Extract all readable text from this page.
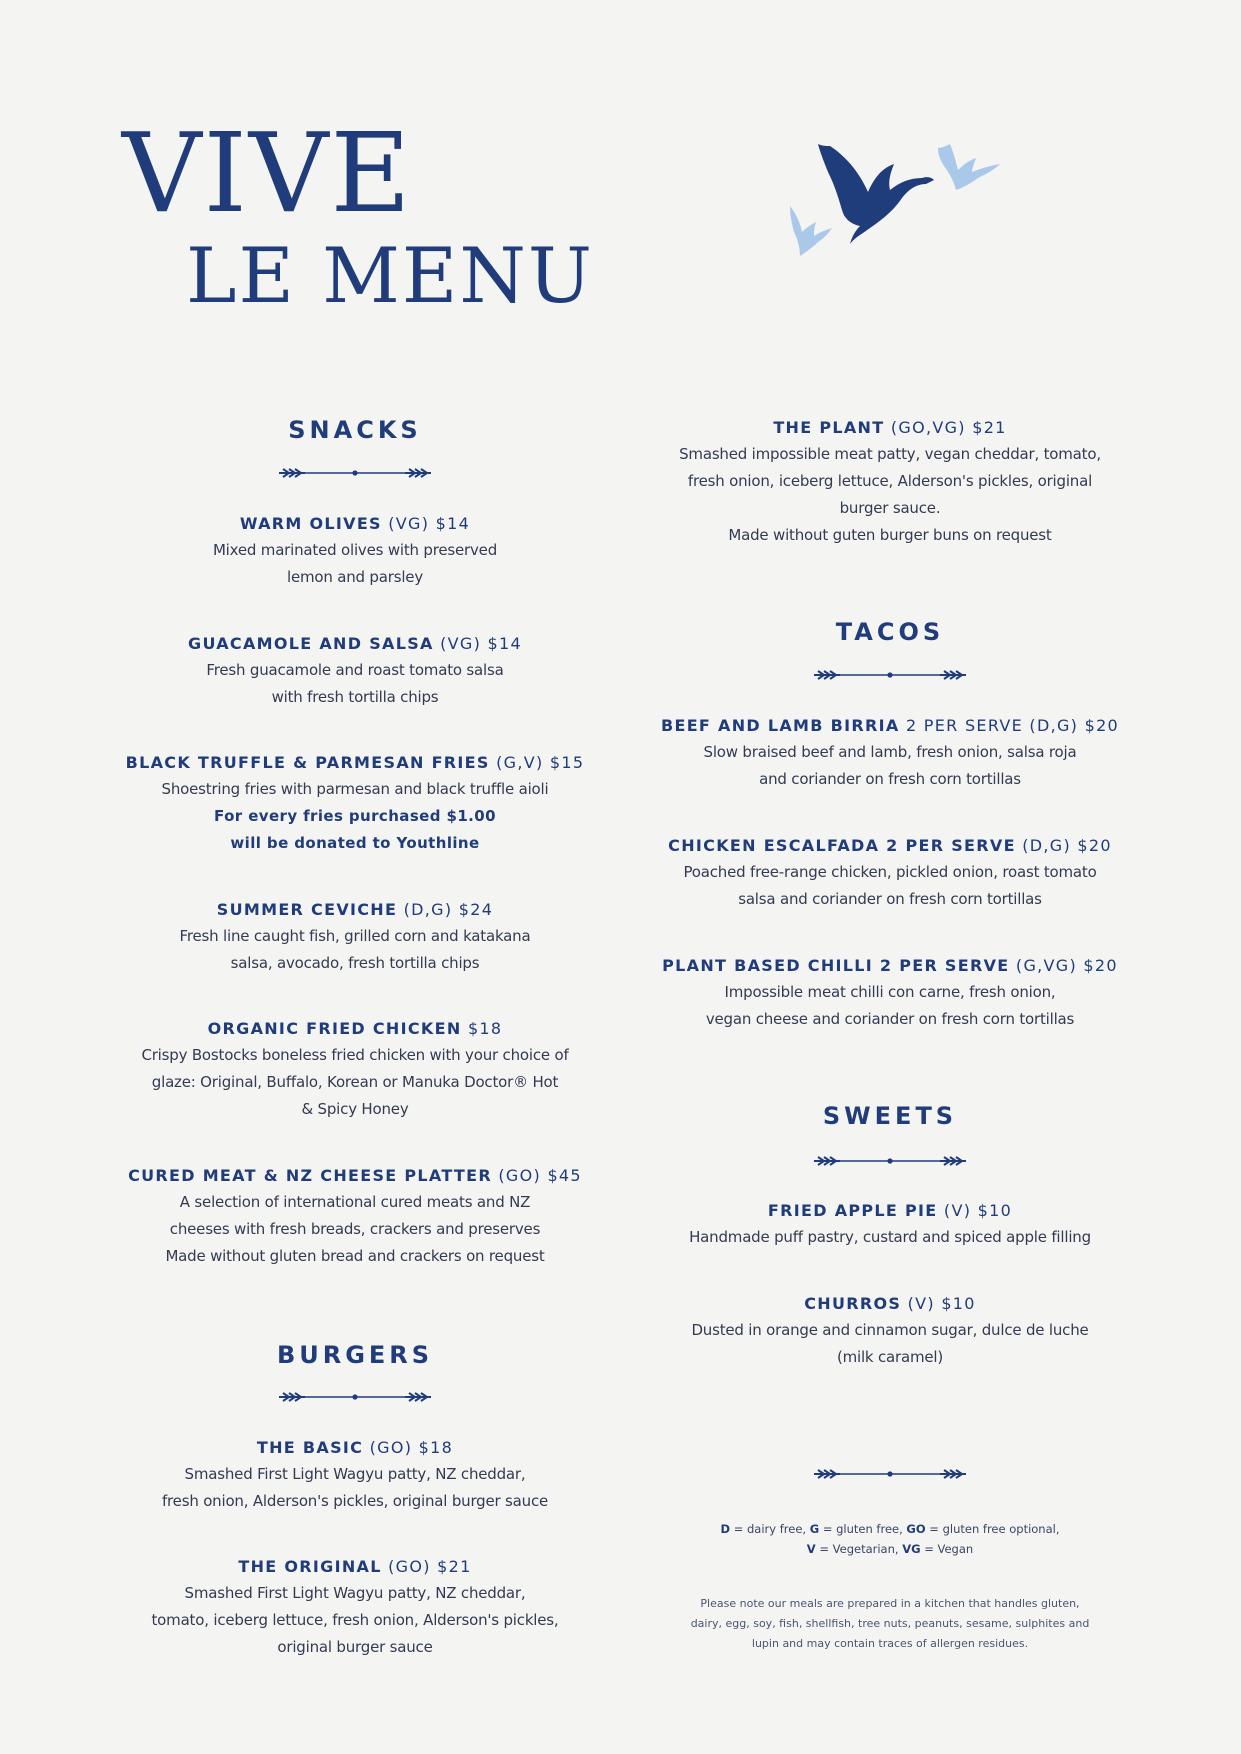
VIVE
LE MENU
SNACKS
WARM OLIVES (VG) $14
Mixed marinated olives with preserved
lemon and parsley
GUACAMOLE AND SALSA (VG) $14
Fresh guacamole and roast tomato salsa
with fresh tortilla chips
BLACK TRUFFLE & PARMESAN FRIES (G,V) $15
Shoestring fries with parmesan and black truffle aioli
For every fries purchased $1.00
will be donated to Youthline
SUMMER CEVICHE (D,G) $24
Fresh line caught fish, grilled corn and katakana
salsa, avocado, fresh tortilla chips
ORGANIC FRIED CHICKEN $18
Crispy Bostocks boneless fried chicken with your choice of
glaze: Original, Buffalo, Korean or Manuka Doctor® Hot
& Spicy Honey
CURED MEAT & NZ CHEESE PLATTER (GO) $45
A selection of international cured meats and NZ
cheeses with fresh breads, crackers and preserves
Made without gluten bread and crackers on request
BURGERS
THE BASIC (GO) $18
Smashed First Light Wagyu patty, NZ cheddar,
fresh onion, Alderson's pickles, original burger sauce
THE ORIGINAL (GO) $21
Smashed First Light Wagyu patty, NZ cheddar,
tomato, iceberg lettuce, fresh onion, Alderson's pickles,
original burger sauce
THE PLANT (GO,VG) $21
Smashed impossible meat patty, vegan cheddar, tomato,
fresh onion, iceberg lettuce, Alderson's pickles, original
burger sauce.
Made without guten burger buns on request
TACOS
BEEF AND LAMB BIRRIA 2 PER SERVE (D,G) $20
Slow braised beef and lamb, fresh onion, salsa roja
and coriander on fresh corn tortillas
CHICKEN ESCALFADA 2 PER SERVE (D,G) $20
Poached free-range chicken, pickled onion, roast tomato
salsa and coriander on fresh corn tortillas
PLANT BASED CHILLI 2 PER SERVE (G,VG) $20
Impossible meat chilli con carne, fresh onion,
vegan cheese and coriander on fresh corn tortillas
SWEETS
FRIED APPLE PIE (V) $10
Handmade puff pastry, custard and spiced apple filling
CHURROS (V) $10
Dusted in orange and cinnamon sugar, dulce de luche
(milk caramel)
D = dairy free, G = gluten free, GO = gluten free optional,
V = Vegetarian, VG = Vegan
Please note our meals are prepared in a kitchen that handles gluten,
dairy, egg, soy, fish, shellfish, tree nuts, peanuts, sesame, sulphites and
lupin and may contain traces of allergen residues.
